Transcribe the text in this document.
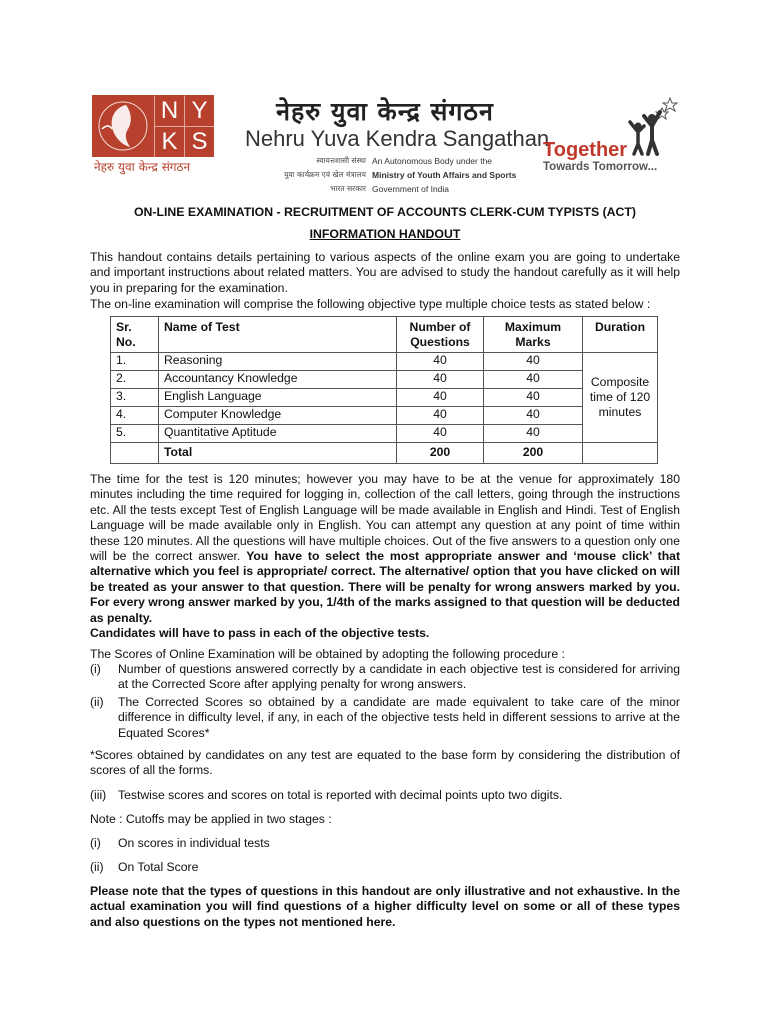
N Y
K S
नेहरु युवा केन्द्र संगठन
नेहरु युवा केन्द्र संगठन
Nehru Yuva Kendra Sangathan
स्वायत्तशासी संस्था An Autonomous Body under the
युवा कार्यक्रम एवं खेल मंत्रालय Ministry of Youth Affairs and Sports
भारत सरकार Government of India
Together
Towards Tomorrow...
ON-LINE EXAMINATION - RECRUITMENT OF ACCOUNTS CLERK-CUM TYPISTS (ACT)
INFORMATION HANDOUT
This handout contains details pertaining to various aspects of the online exam you are going to undertake and important instructions about related matters. You are advised to study the handout carefully as it will help you in preparing for the examination.
The on-line examination will comprise the following objective type multiple choice tests as stated below :
Sr. No.	Name of Test	Number of Questions	Maximum Marks	Duration
1.	Reasoning	40	40	Composite time of 120 minutes
2.	Accountancy Knowledge	40	40	
3.	English Language	40	40	
4.	Computer Knowledge	40	40	
5.	Quantitative Aptitude	40	40	
	Total	200	200	
The time for the test is 120 minutes; however you may have to be at the venue for approximately 180 minutes including the time required for logging in, collection of the call letters, going through the instructions etc. All the tests except Test of English Language will be made available in English and Hindi. Test of English Language will be made available only in English. You can attempt any question at any point of time within these 120 minutes. All the questions will have multiple choices. Out of the five answers to a question only one will be the correct answer. You have to select the most appropriate answer and ‘mouse click’ that alternative which you feel is appropriate/ correct. The alternative/ option that you have clicked on will be treated as your answer to that question. There will be penalty for wrong answers marked by you. For every wrong answer marked by you, 1/4th of the marks assigned to that question will be deducted as penalty.
Candidates will have to pass in each of the objective tests.
The Scores of Online Examination will be obtained by adopting the following procedure :
(i)	Number of questions answered correctly by a candidate in each objective test is considered for arriving at the Corrected Score after applying penalty for wrong answers.
(ii)	The Corrected Scores so obtained by a candidate are made equivalent to take care of the minor difference in difficulty level, if any, in each of the objective tests held in different sessions to arrive at the Equated Scores*
*Scores obtained by candidates on any test are equated to the base form by considering the distribution of scores of all the forms.
(iii) Testwise scores and scores on total is reported with decimal points upto two digits.
Note : Cutoffs may be applied in two stages :
(i)	On scores in individual tests
(ii)	On Total Score
Please note that the types of questions in this handout are only illustrative and not exhaustive. In the actual examination you will find questions of a higher difficulty level on some or all of these types and also questions on the types not mentioned here.
